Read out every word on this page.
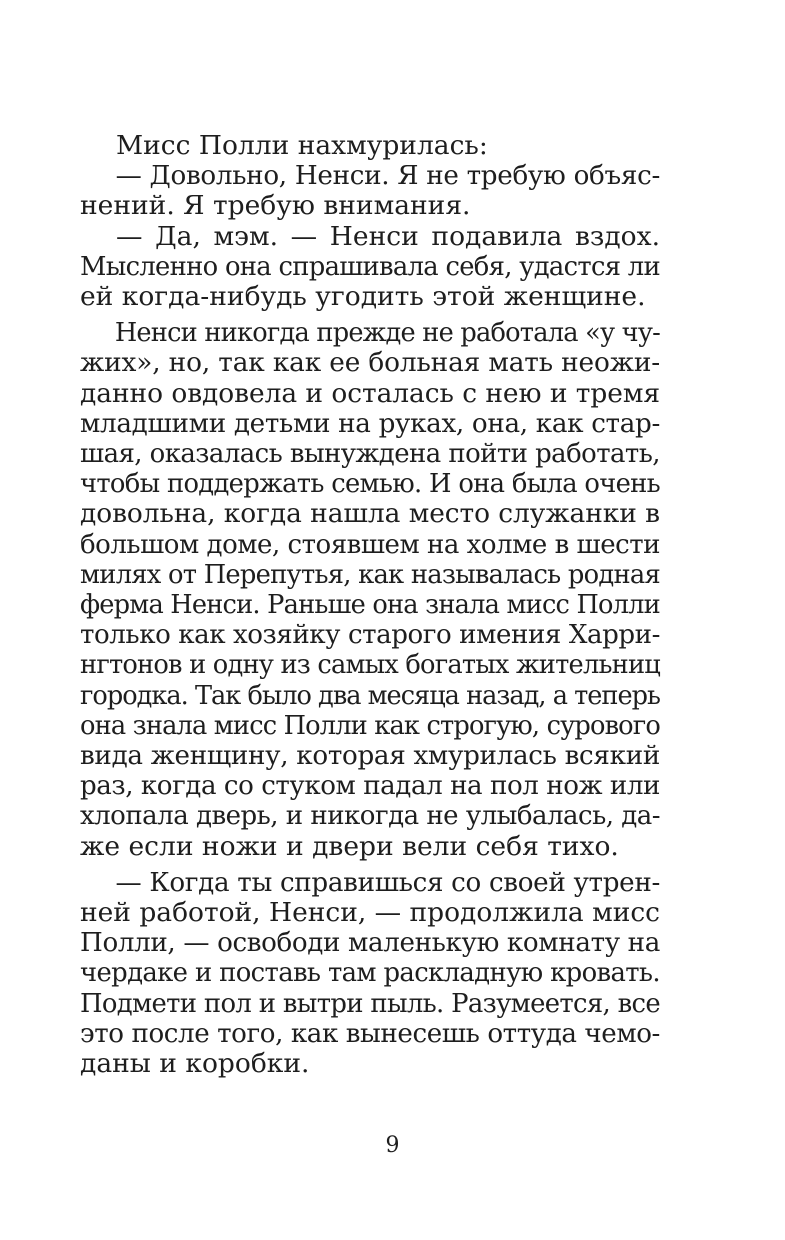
Мисс Полли нахмурилась:
— Довольно, Ненси. Я не требую объяс-
нений. Я требую внимания.
— Да, мэм. — Ненси подавила вздох.
Мысленно она спрашивала себя, удастся ли
ей когда-нибудь угодить этой женщине.
Ненси никогда прежде не работала «у чу-
жих», но, так как ее больная мать неожи-
данно овдовела и осталась с нею и тремя
младшими детьми на руках, она, как стар-
шая, оказалась вынуждена пойти работать,
чтобы поддержать семью. И она была очень
довольна, когда нашла место служанки в
большом доме, стоявшем на холме в шести
милях от Перепутья, как называлась родная
ферма Ненси. Раньше она знала мисс Полли
только как хозяйку старого имения Харри-
нгтонов и одну из самых богатых жительниц
городка. Так было два месяца назад, а теперь
она знала мисс Полли как строгую, сурового
вида женщину, которая хмурилась всякий
раз, когда со стуком падал на пол нож или
хлопала дверь, и никогда не улыбалась, да-
же если ножи и двери вели себя тихо.
— Когда ты справишься со своей утрен-
ней работой, Ненси, — продолжила мисс
Полли, — освободи маленькую комнату на
чердаке и поставь там раскладную кровать.
Подмети пол и вытри пыль. Разумеется, все
это после того, как вынесешь оттуда чемо-
даны и коробки.
9
